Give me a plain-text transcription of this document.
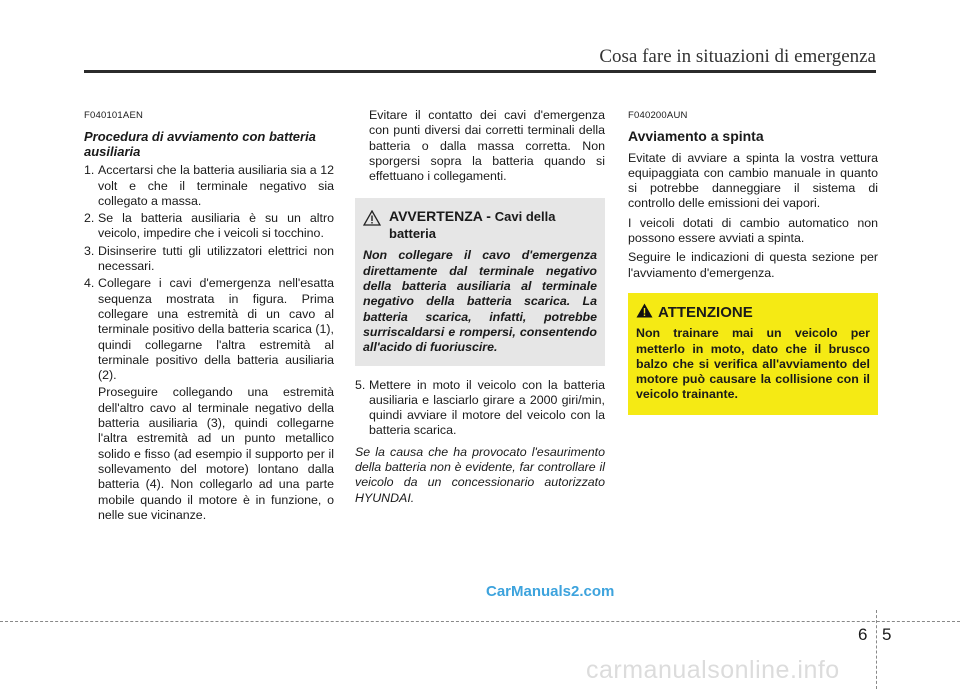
Cosa fare in situazioni di emergenza
F040101AEN
Procedura di avviamento con batteria ausiliaria
1. Accertarsi che la batteria ausiliaria sia a 12 volt e che il terminale negativo sia collegato a massa.
2. Se la batteria ausiliaria è su un altro veicolo, impedire che i veicoli si tocchino.
3. Disinserire tutti gli utilizzatori elettrici non necessari.
4. Collegare i cavi d'emergenza nell'esatta sequenza mostrata in figura. Prima collegare una estremità di un cavo al terminale positivo della batteria scarica (1), quindi collegarne l'altra estremità al terminale positivo della batteria ausiliaria (2).
Proseguire collegando una estremità dell'altro cavo al terminale negativo della batteria ausiliaria (3), quindi collegarne l'altra estremità ad un punto metallico solido e fisso (ad esempio il supporto per il sollevamento del motore) lontano dalla batteria (4). Non collegarlo ad una parte mobile quando il motore è in funzione, o nelle sue vicinanze.
Evitare il contatto dei cavi d'emergenza con punti diversi dai corretti terminali della batteria o dalla massa corretta. Non sporgersi sopra la batteria quando si effettuano i collegamenti.
AVVERTENZA - Cavi della batteria
Non collegare il cavo d'emergenza direttamente dal terminale negativo della batteria ausiliaria al terminale negativo della batteria scarica. La batteria scarica, infatti, potrebbe surriscaldarsi e rompersi, consentendo all'acido di fuoriuscire.
5. Mettere in moto il veicolo con la batteria ausiliaria e lasciarlo girare a 2000 giri/min, quindi avviare il motore del veicolo con la batteria scarica.
Se la causa che ha provocato l'esaurimento della batteria non è evidente, far controllare il veicolo da un concessionario autorizzato HYUNDAI.
F040200AUN
Avviamento a spinta

Evitate di avviare a spinta la vostra vettura equipaggiata con cambio manuale in quanto si potrebbe danneggiare il sistema di controllo delle emissioni dei vapori.

I veicoli dotati di cambio automatico non possono essere avviati a spinta.

Seguire le indicazioni di questa sezione per l'avviamento d'emergenza.

ATTENZIONE
Non trainare mai un veicolo per metterlo in moto, dato che il brusco balzo che si verifica all'avviamento del motore può causare la collisione con il veicolo trainante.
CarManuals2.com
6 5
carmanualsonline.info
